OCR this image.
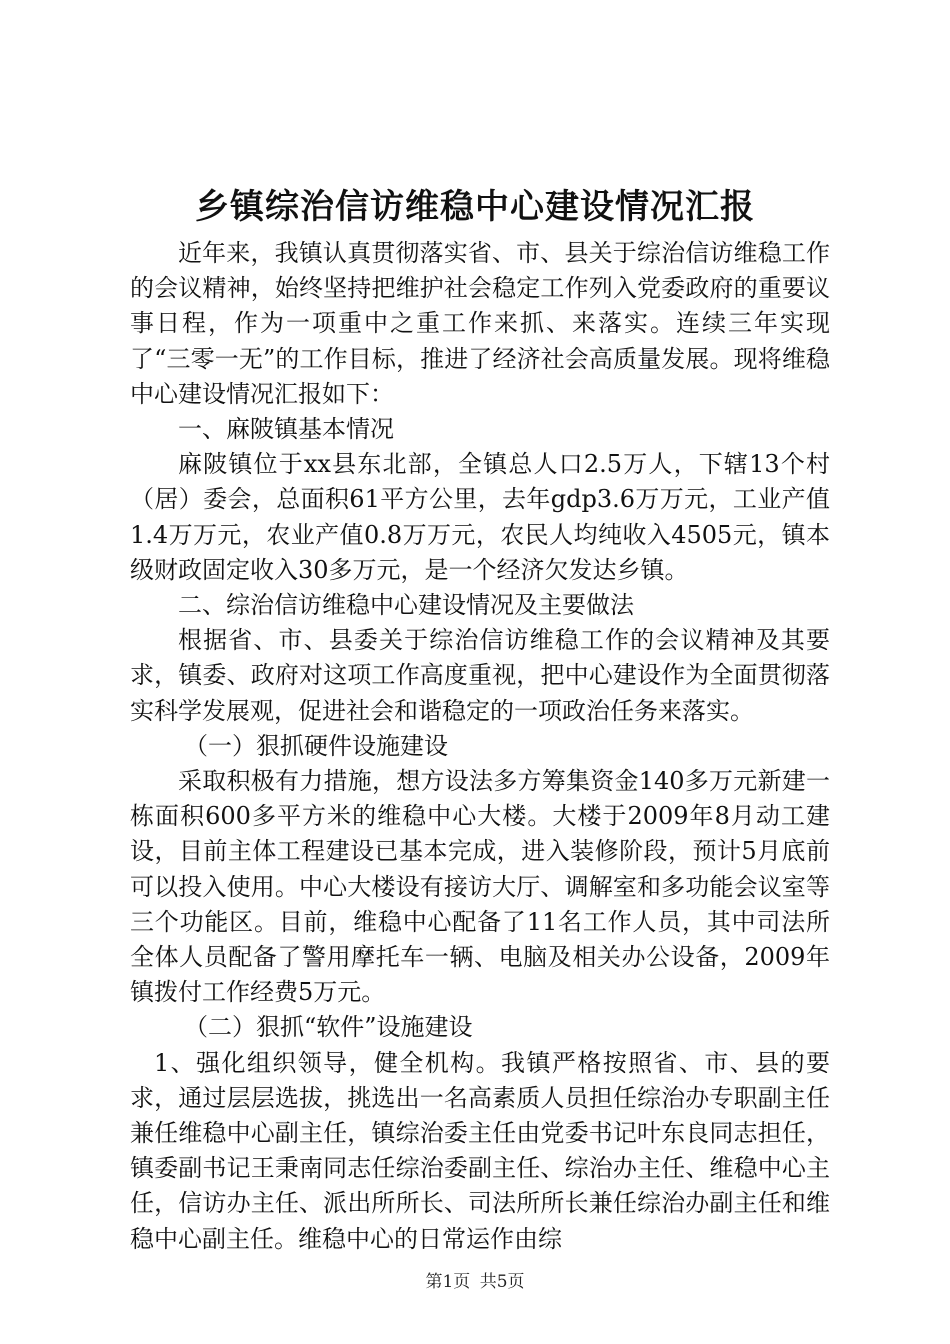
乡镇综治信访维稳中心建设情况汇报

近年来，我镇认真贯彻落实省、市、县关于综治信访维稳工作的会议精神，始终坚持把维护社会稳定工作列入党委政府的重要议事日程，作为一项重中之重工作来抓、来落实。连续三年实现了“三零一无”的工作目标，推进了经济社会高质量发展。现将维稳中心建设情况汇报如下：

一、麻陂镇基本情况

麻陂镇位于xx县东北部，全镇总人口2.5万人，下辖13个村（居）委会，总面积61平方公里，去年gdp3.6万万元，工业产值1.4万万元，农业产值0.8万万元，农民人均纯收入4505元，镇本级财政固定收入30多万元，是一个经济欠发达乡镇。

二、综治信访维稳中心建设情况及主要做法

根据省、市、县委关于综治信访维稳工作的会议精神及其要求，镇委、政府对这项工作高度重视，把中心建设作为全面贯彻落实科学发展观，促进社会和谐稳定的一项政治任务来落实。

（一）狠抓硬件设施建设

采取积极有力措施，想方设法多方筹集资金140多万元新建一栋面积600多平方米的维稳中心大楼。大楼于2009年8月动工建设，目前主体工程建设已基本完成，进入装修阶段，预计5月底前可以投入使用。中心大楼设有接访大厅、调解室和多功能会议室等三个功能区。目前，维稳中心配备了11名工作人员，其中司法所全体人员配备了警用摩托车一辆、电脑及相关办公设备，2009年镇拨付工作经费5万元。

（二）狠抓“软件”设施建设

1、强化组织领导，健全机构。我镇严格按照省、市、县的要求，通过层层选拔，挑选出一名高素质人员担任综治办专职副主任兼任维稳中心副主任，镇综治委主任由党委书记叶东良同志担任，镇委副书记王秉南同志任综治委副主任、综治办主任、维稳中心主任，信访办主任、派出所所长、司法所所长兼任综治办副主任和维稳中心副主任。维稳中心的日常运作由综

第1页 共5页
